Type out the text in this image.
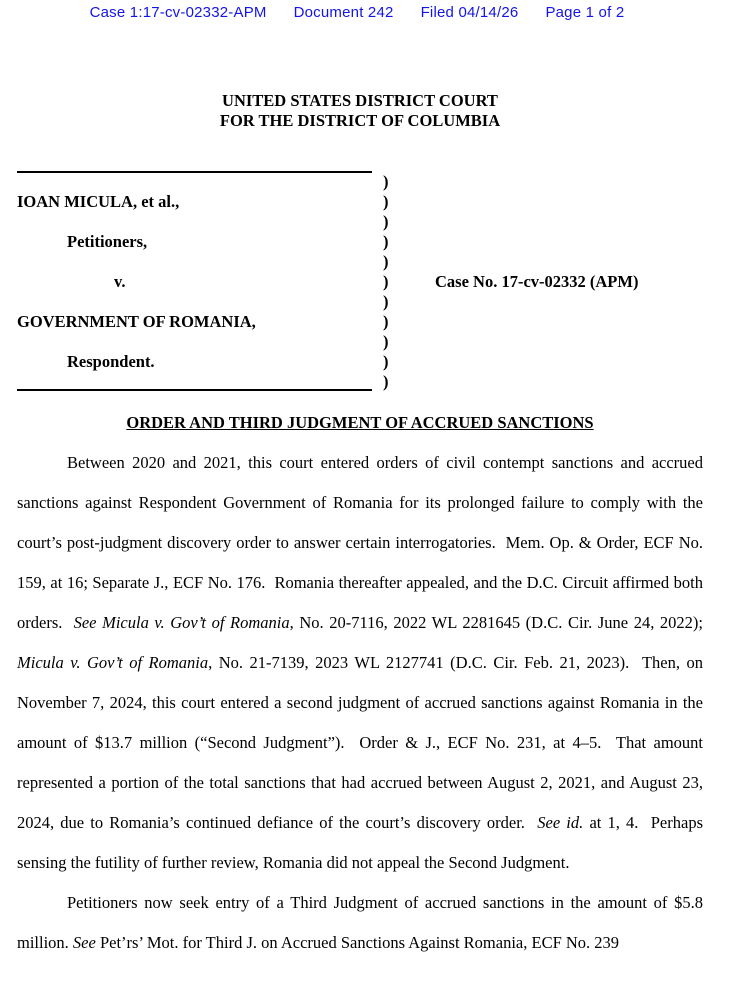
Case 1:17-cv-02332-APM Document 242 Filed 04/14/26 Page 1 of 2
UNITED STATES DISTRICT COURT
FOR THE DISTRICT OF COLUMBIA
)
IOAN MICULA, et al.,	)
)
Petitioners,	)
)
v.	)	Case No. 17-cv-02332 (APM)
)
GOVERNMENT OF ROMANIA,	)
)
Respondent.	)
)
ORDER AND THIRD JUDGMENT OF ACCRUED SANCTIONS

Between 2020 and 2021, this court entered orders of civil contempt sanctions and accrued sanctions against Respondent Government of Romania for its prolonged failure to comply with the court’s post-judgment discovery order to answer certain interrogatories.  Mem. Op. & Order, ECF No. 159, at 16; Separate J., ECF No. 176.  Romania thereafter appealed, and the D.C. Circuit affirmed both orders.  See Micula v. Gov’t of Romania, No. 20-7116, 2022 WL 2281645 (D.C. Cir. June 24, 2022); Micula v. Gov’t of Romania, No. 21-7139, 2023 WL 2127741 (D.C. Cir. Feb. 21, 2023).  Then, on November 7, 2024, this court entered a second judgment of accrued sanctions against Romania in the amount of $13.7 million (“Second Judgment”).  Order & J., ECF No. 231, at 4–5.  That amount represented a portion of the total sanctions that had accrued between August 2, 2021, and August 23, 2024, due to Romania’s continued defiance of the court’s discovery order.  See id. at 1, 4.  Perhaps sensing the futility of further review, Romania did not appeal the Second Judgment.

Petitioners now seek entry of a Third Judgment of accrued sanctions in the amount of $5.8 million. See Pet’rs’ Mot. for Third J. on Accrued Sanctions Against Romania, ECF No. 239
